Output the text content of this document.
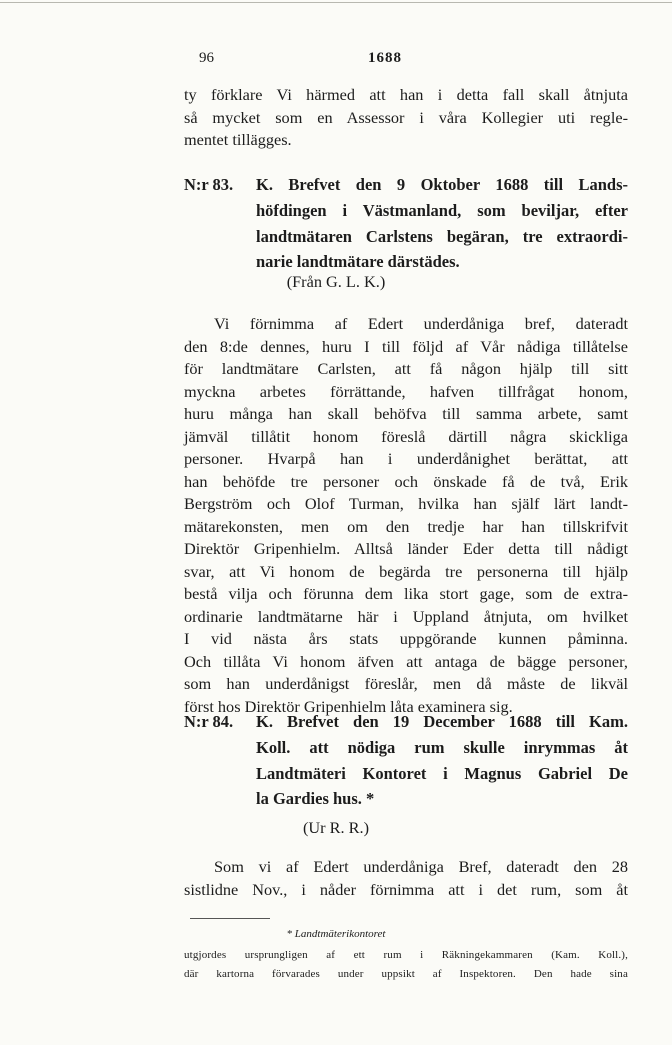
96	1688
ty förklare Vi härmed att han i detta fall skall åtnjuta
så mycket som en Assessor i våra Kollegier uti regle-
mentet tillägges.
N:r 83. K. Brefvet den 9 Oktober 1688 till Lands-
höfdingen i Västmanland, som beviljar, efter
landtmätaren Carlstens begäran, tre extraordi-
narie landtmätare därstädes.
(Från G. L. K.)
Vi förnimma af Edert underdåniga bref, dateradt
den 8:de dennes, huru I till följd af Vår nådiga tillåtelse
för landtmätare Carlsten, att få någon hjälp till sitt
myckna arbetes förrättande, hafven tillfrågat honom,
huru många han skall behöfva till samma arbete, samt
jämväl tillåtit honom föreslå därtill några skickliga
personer. Hvarpå han i underdånighet berättat, att
han behöfde tre personer och önskade få de två, Erik
Bergström och Olof Turman, hvilka han själf lärt landt-
mätarekonsten, men om den tredje har han tillskrifvit
Direktör Gripenhielm. Alltså länder Eder detta till nådigt
svar, att Vi honom de begärda tre personerna till hjälp
bestå vilja och förunna dem lika stort gage, som de extra-
ordinarie landtmätarne här i Uppland åtnjuta, om hvilket
I vid nästa års stats uppgörande kunnen påminna.
Och tillåta Vi honom äfven att antaga de bägge personer,
som han underdånigst föreslår, men då måste de likväl
först hos Direktör Gripenhielm låta examinera sig.
N:r 84. K. Brefvet den 19 December 1688 till Kam.
Koll. att nödiga rum skulle inrymmas åt
Landtmäteri Kontoret i Magnus Gabriel De
la Gardies hus. *
(Ur R. R.)
Som vi af Edert underdåniga Bref, dateradt den 28
sistlidne Nov., i nåder förnimma att i det rum, som åt
* Landtmäterikontoret
utgjordes ursprungligen af ett rum i Räkningekammaren (Kam. Koll.),
där kartorna förvarades under uppsikt af Inspektoren. Den hade sina
